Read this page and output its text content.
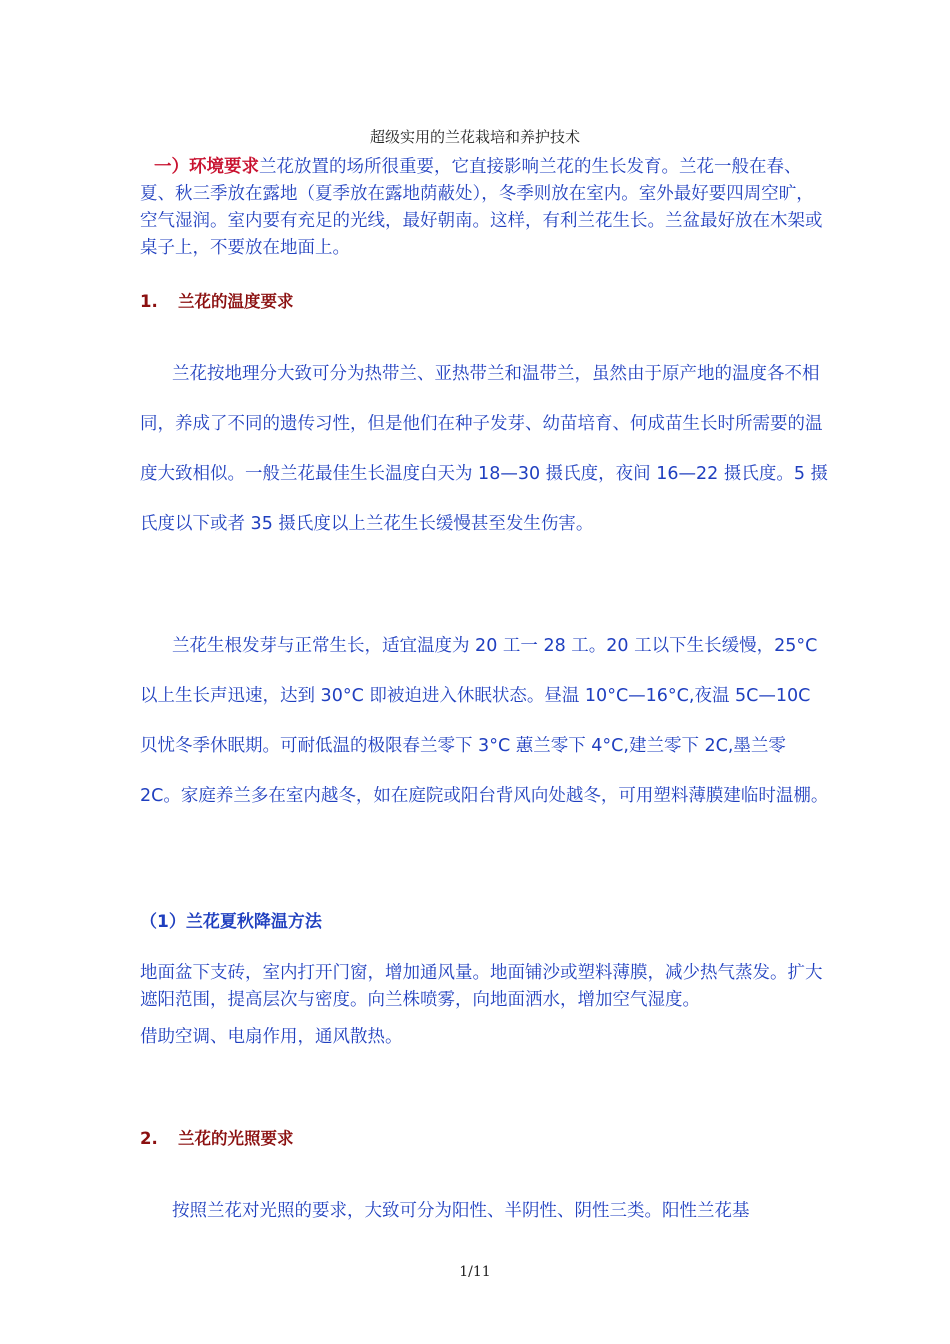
超级实用的兰花栽培和养护技术

一）环境要求兰花放置的场所很重要，它直接影响兰花的生长发育。兰花一般在春、夏、秋三季放在露地（夏季放在露地荫蔽处），冬季则放在室内。室外最好要四周空旷，空气湿润。室内要有充足的光线，最好朝南。这样，有利兰花生长。兰盆最好放在木架或桌子上，不要放在地面上。

1. 兰花的温度要求

兰花按地理分大致可分为热带兰、亚热带兰和温带兰，虽然由于原产地的温度各不相同，养成了不同的遗传习性，但是他们在种子发芽、幼苗培育、何成苗生长时所需要的温度大致相似。一般兰花最佳生长温度白天为 18—30 摄氏度，夜间 16—22 摄氏度。5 摄氏度以下或者 35 摄氏度以上兰花生长缓慢甚至发生伤害。

兰花生根发芽与正常生长，适宜温度为 20 工一 28 工。20 工以下生长缓慢，25°C 以上生长声迅速，达到 30°C 即被迫进入休眠状态。昼温 10°C—16°C,夜温 5C—10C 贝忧冬季休眠期。可耐低温的极限春兰零下 3°C 蕙兰零下 4°C,建兰零下 2C,墨兰零 2C。家庭养兰多在室内越冬，如在庭院或阳台背风向处越冬，可用塑料薄膜建临时温棚。

（1）兰花夏秋降温方法

地面盆下支砖，室内打开门窗，增加通风量。地面铺沙或塑料薄膜，减少热气蒸发。扩大遮阳范围，提高层次与密度。向兰株喷雾，向地面洒水，增加空气湿度。

借助空调、电扇作用，通风散热。

2. 兰花的光照要求

按照兰花对光照的要求，大致可分为阳性、半阴性、阴性三类。阳性兰花基

1/11
